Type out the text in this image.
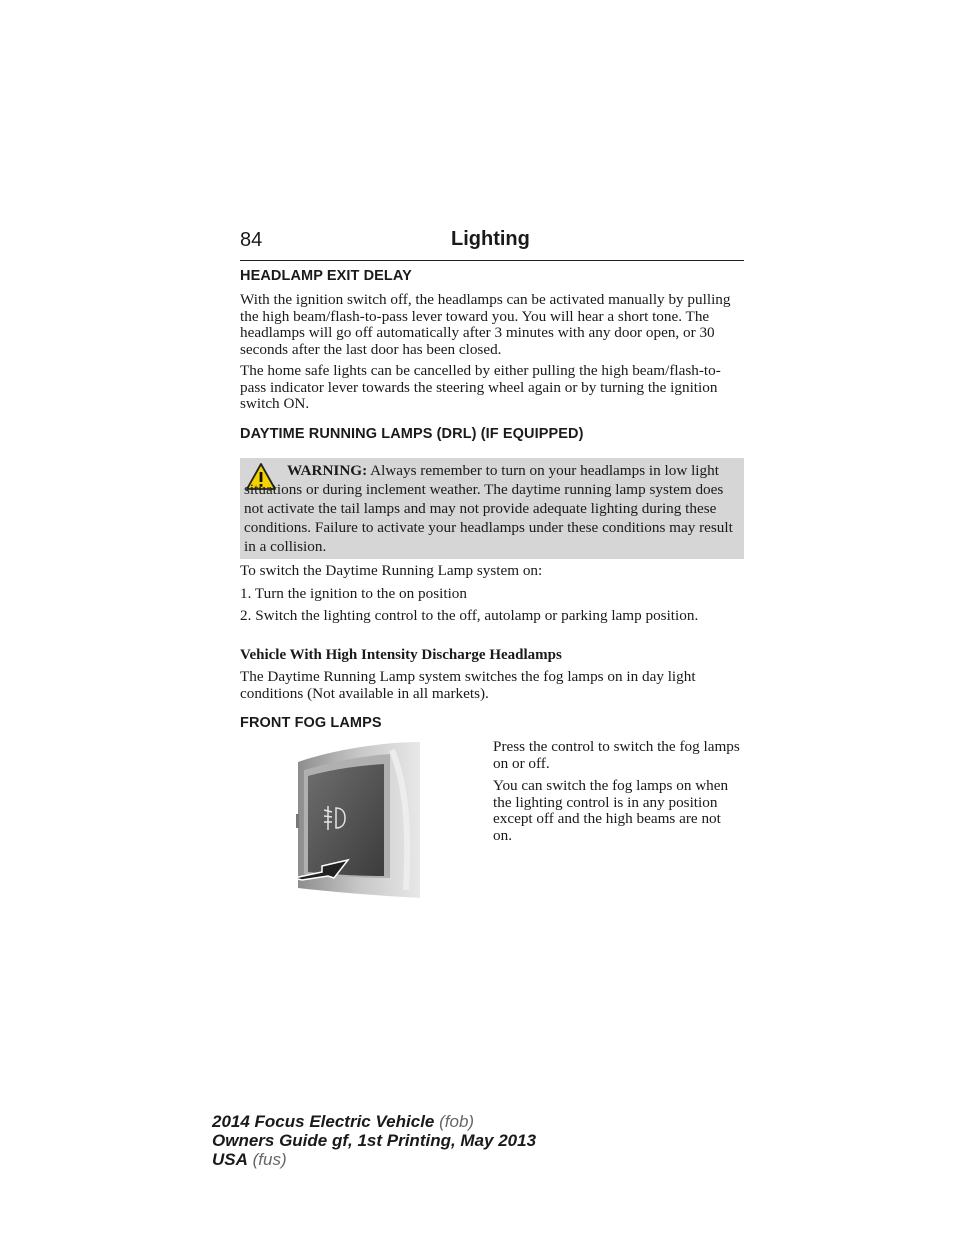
84	Lighting
HEADLAMP EXIT DELAY
With the ignition switch off, the headlamps can be activated manually by pulling the high beam/flash-to-pass lever toward you. You will hear a short tone. The headlamps will go off automatically after 3 minutes with any door open, or 30 seconds after the last door has been closed.
The home safe lights can be cancelled by either pulling the high beam/flash-to-pass indicator lever towards the steering wheel again or by turning the ignition switch ON.
DAYTIME RUNNING LAMPS (DRL) (IF EQUIPPED)
WARNING: Always remember to turn on your headlamps in low light situations or during inclement weather. The daytime running lamp system does not activate the tail lamps and may not provide adequate lighting during these conditions. Failure to activate your headlamps under these conditions may result in a collision.
To switch the Daytime Running Lamp system on:
1. Turn the ignition to the on position
2. Switch the lighting control to the off, autolamp or parking lamp position.
Vehicle With High Intensity Discharge Headlamps
The Daytime Running Lamp system switches the fog lamps on in day light conditions (Not available in all markets).
FRONT FOG LAMPS
Press the control to switch the fog lamps on or off.
You can switch the fog lamps on when the lighting control is in any position except off and the high beams are not on.
2014 Focus Electric Vehicle (fob)
Owners Guide gf, 1st Printing, May 2013
USA (fus)
